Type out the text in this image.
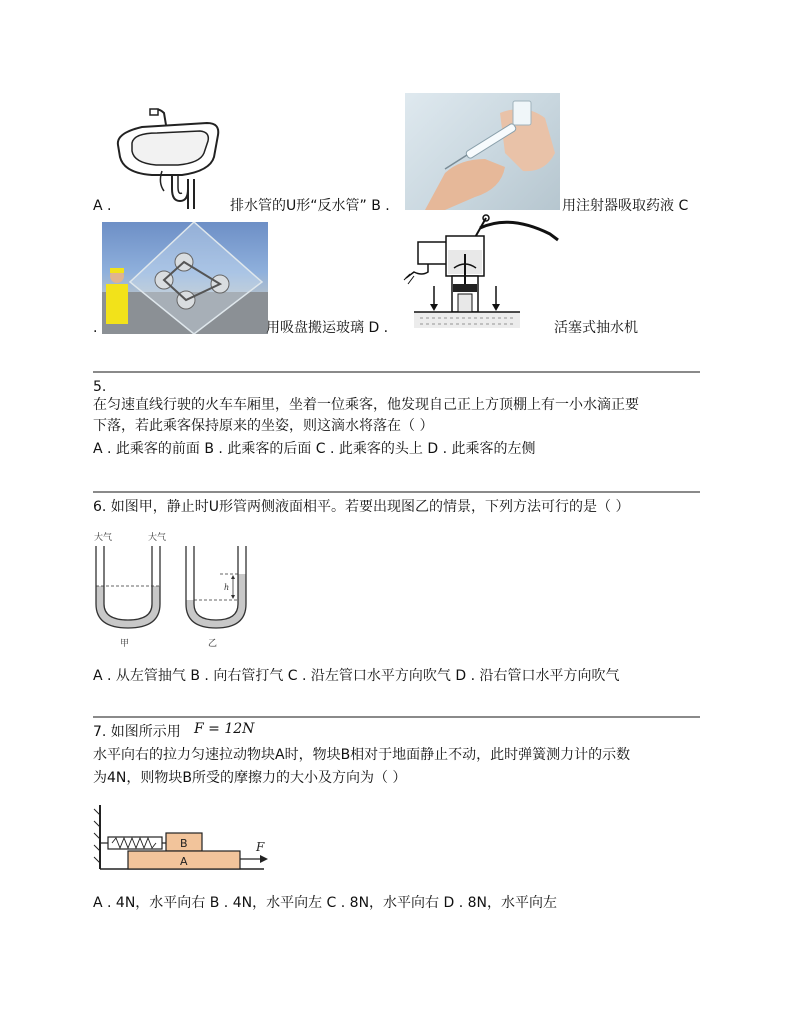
A .	排水管的U形“反水管” B .	用注射器吸取药液 C
.	用吸盘搬运玻璃 D .	活塞式抽水机
5.
在匀速直线行驶的火车车厢里，坐着一位乘客，他发现自己正上方顶棚上有一小水滴正要
下落，若此乘客保持原来的坐姿，则这滴水将落在（ ）
A . 此乘客的前面 B . 此乘客的后面 C . 此乘客的头上 D . 此乘客的左侧
6. 如图甲，静止时U形管两侧液面相平。若要出现图乙的情景，下列方法可行的是（ ）
大气	大气
h
甲	乙
A . 从左管抽气 B . 向右管打气 C . 沿左管口水平方向吹气 D . 沿右管口水平方向吹气
7. 如图所示用 F = 12N
水平向右的拉力匀速拉动物块A时，物块B相对于地面静止不动，此时弹簧测力计的示数
为4N，则物块B所受的摩擦力的大小及方向为（ ）
B
A
F
A . 4N，水平向右 B . 4N，水平向左 C . 8N，水平向右 D . 8N，水平向左
